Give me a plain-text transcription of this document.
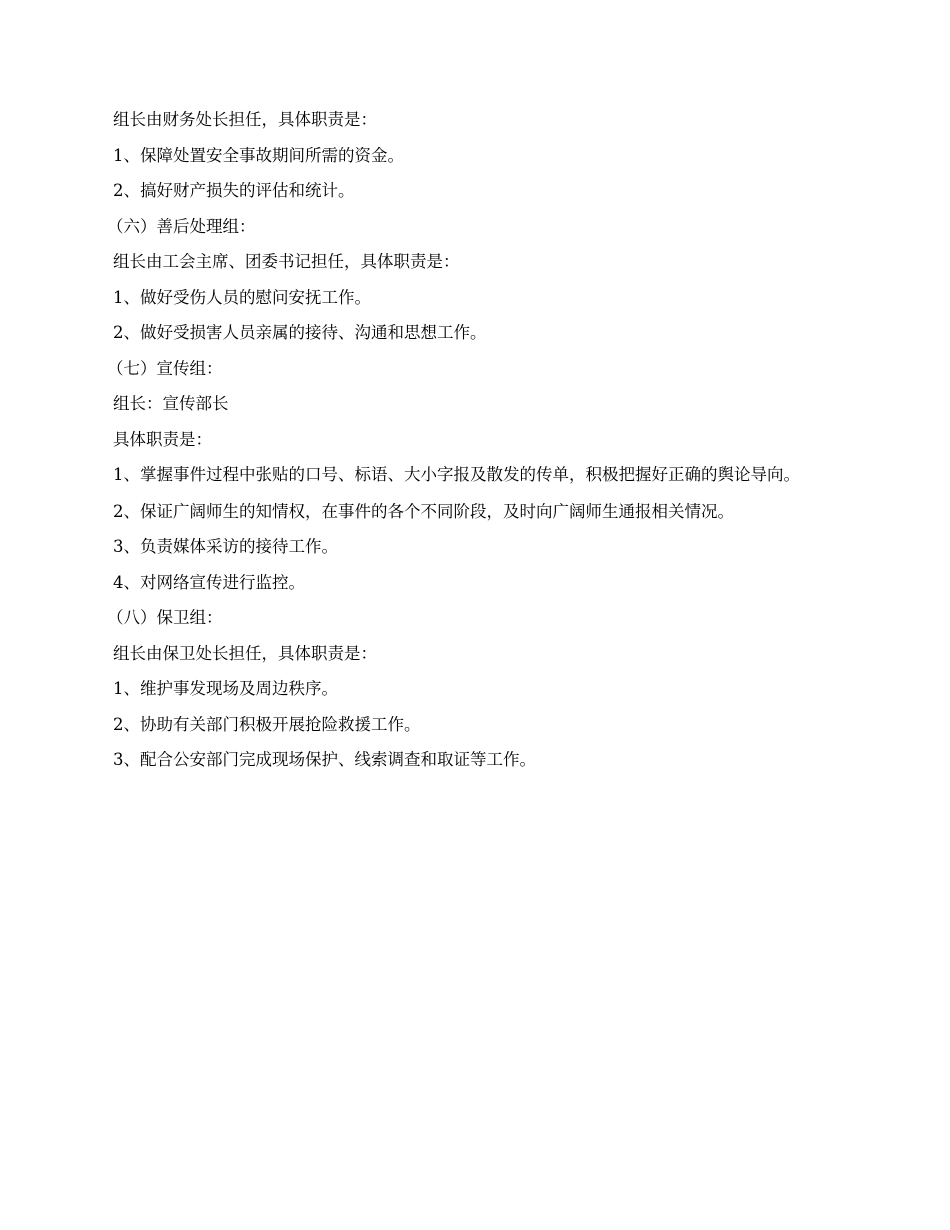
组长由财务处长担任，具体职责是：

1、保障处置安全事故期间所需的资金。

2、搞好财产损失的评估和统计。

（六）善后处理组：

组长由工会主席、团委书记担任，具体职责是：

1、做好受伤人员的慰问安抚工作。

2、做好受损害人员亲属的接待、沟通和思想工作。

（七）宣传组：

组长：宣传部长

具体职责是：

1、掌握事件过程中张贴的口号、标语、大小字报及散发的传单，积极把握好正确的舆论导向。

2、保证广阔师生的知情权，在事件的各个不同阶段，及时向广阔师生通报相关情况。

3、负责媒体采访的接待工作。

4、对网络宣传进行监控。

（八）保卫组：

组长由保卫处长担任，具体职责是：

1、维护事发现场及周边秩序。

2、协助有关部门积极开展抢险救援工作。

3、配合公安部门完成现场保护、线索调查和取证等工作。
